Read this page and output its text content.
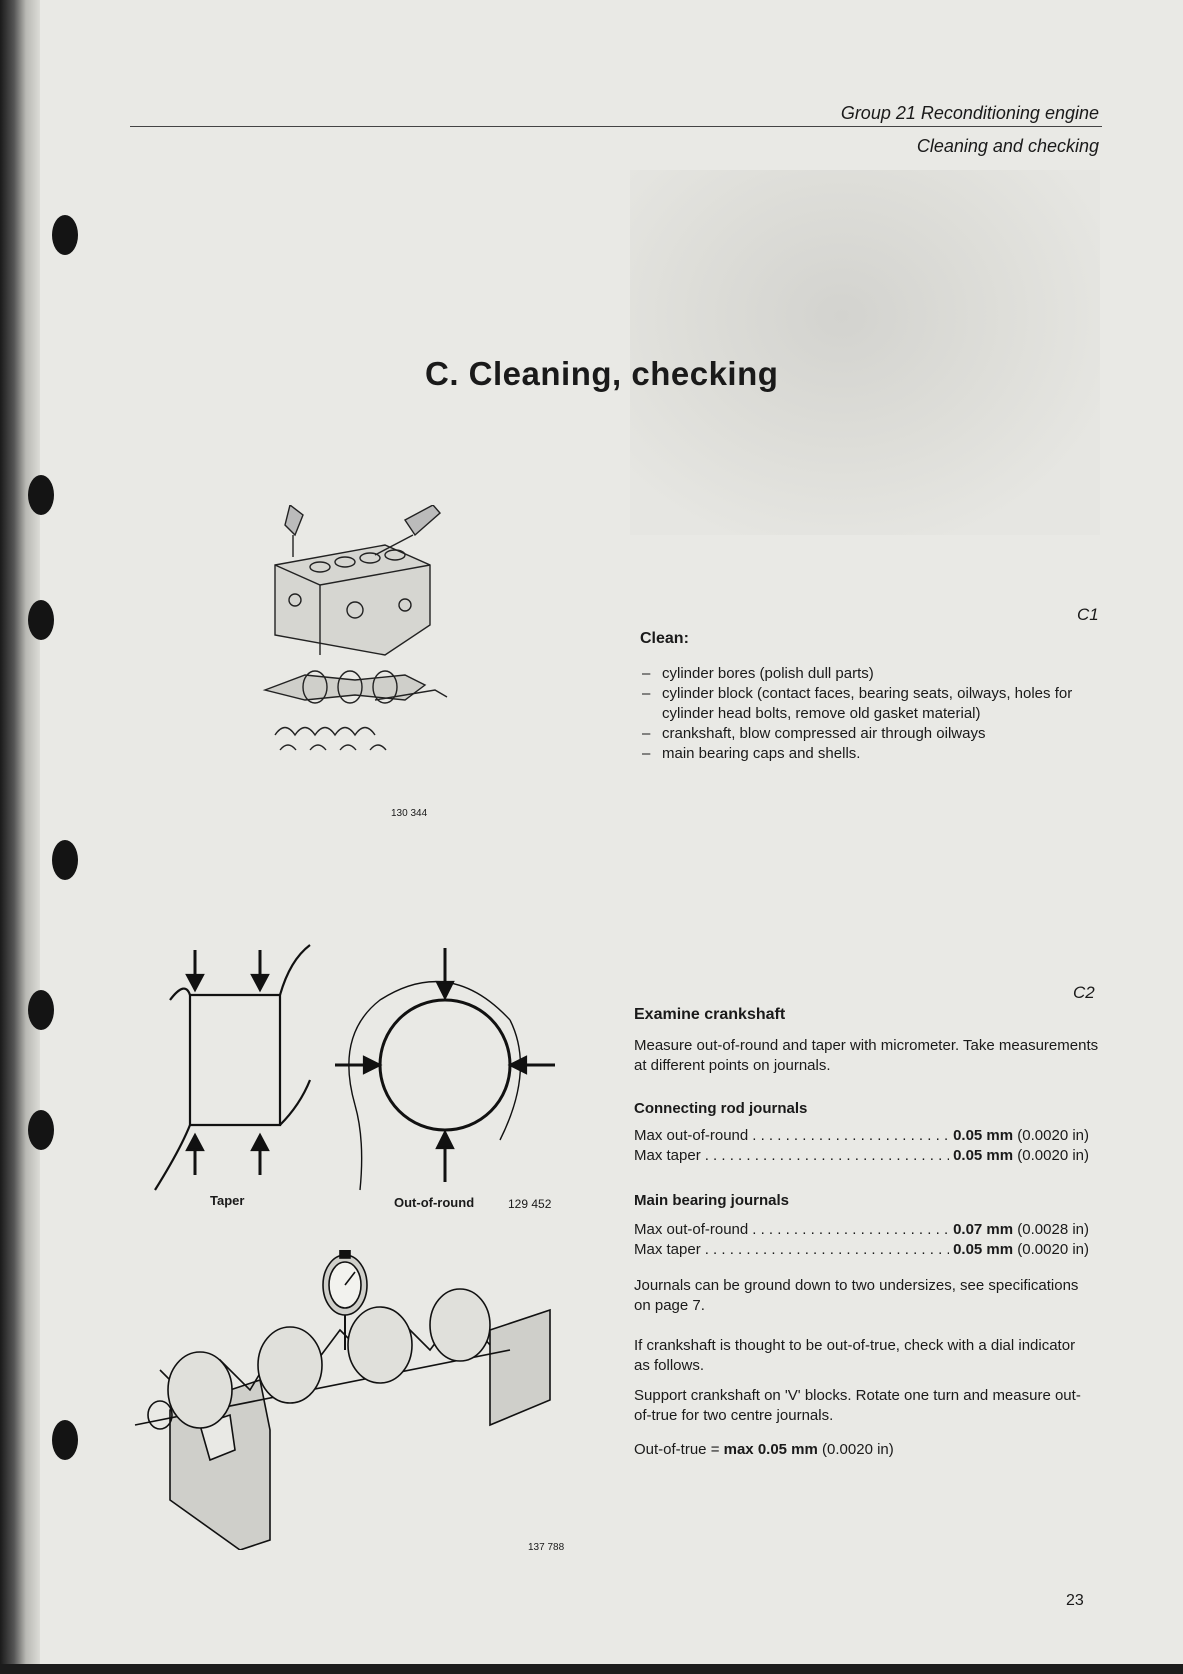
Group 21 Reconditioning engine
Cleaning and checking
C. Cleaning, checking
130 344
C1
Clean:
– cylinder bores (polish dull parts)
– cylinder block (contact faces, bearing seats, oilways, holes for cylinder head bolts, remove old gasket material)
– crankshaft, blow compressed air through oilways
– main bearing caps and shells.
Taper	Out-of-round	129 452
137 788
C2
Examine crankshaft
Measure out-of-round and taper with micrometer. Take measurements at different points on journals.
Connecting rod journals
Max out-of-round . . .	0.05 mm (0.0020 in)
Max taper . . .	0.05 mm (0.0020 in)
Main bearing journals
Max out-of-round . . .	0.07 mm (0.0028 in)
Max taper . . .	0.05 mm (0.0020 in)
Journals can be ground down to two undersizes, see specifications on page 7.
If crankshaft is thought to be out-of-true, check with a dial indicator as follows.
Support crankshaft on 'V' blocks. Rotate one turn and measure out-of-true for two centre journals.
Out-of-true = max 0.05 mm (0.0020 in)
23
